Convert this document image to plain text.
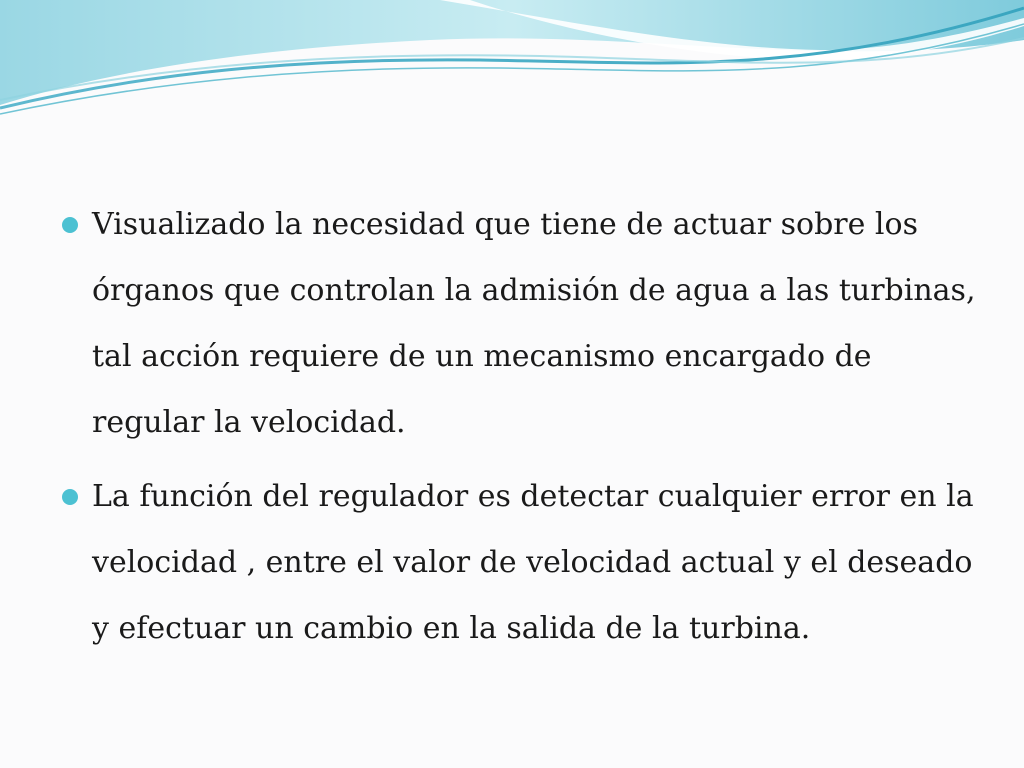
Visualizado la necesidad que tiene de actuar sobre los órganos que controlan la admisión de agua a las turbinas, tal acción requiere de un mecanismo encargado de regular la velocidad.
La función del regulador es detectar cualquier error en la velocidad , entre el valor de velocidad actual y el deseado y efectuar un cambio en la salida de la turbina.
